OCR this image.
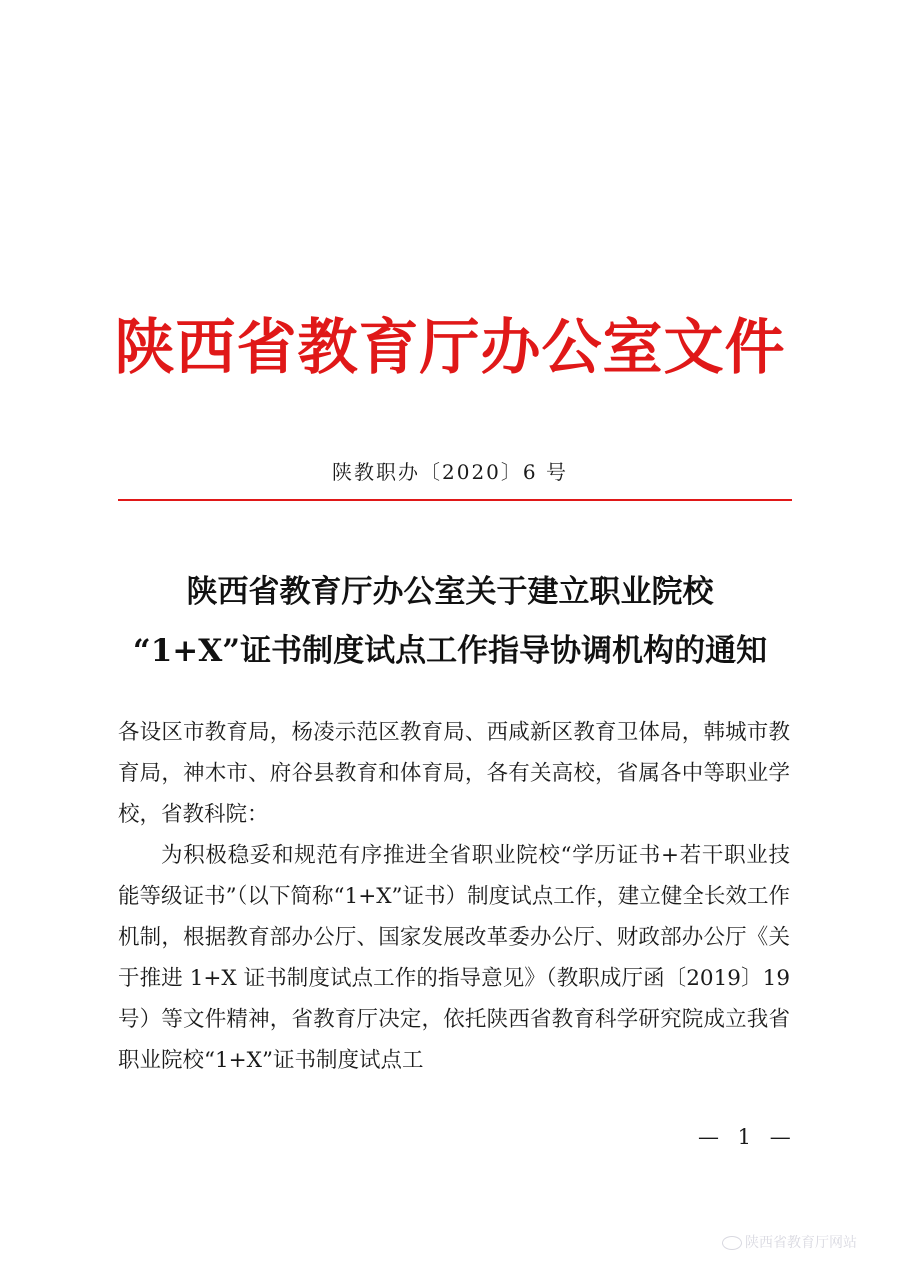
陕西省教育厅办公室文件
陕教职办〔2020〕6 号
陕西省教育厅办公室关于建立职业院校
“1+X”证书制度试点工作指导协调机构的通知
各设区市教育局，杨凌示范区教育局、西咸新区教育卫体局，韩城市教育局，神木市、府谷县教育和体育局，各有关高校，省属各中等职业学校，省教科院：
为积极稳妥和规范有序推进全省职业院校“学历证书+若干职业技能等级证书”（以下简称“1+X”证书）制度试点工作，建立健全长效工作机制，根据教育部办公厅、国家发展改革委办公厅、财政部办公厅《关于推进 1+X 证书制度试点工作的指导意见》（教职成厅函〔2019〕19 号）等文件精神，省教育厅决定，依托陕西省教育科学研究院成立我省职业院校“1+X”证书制度试点工
— 1 —
陕西省教育厅网站
